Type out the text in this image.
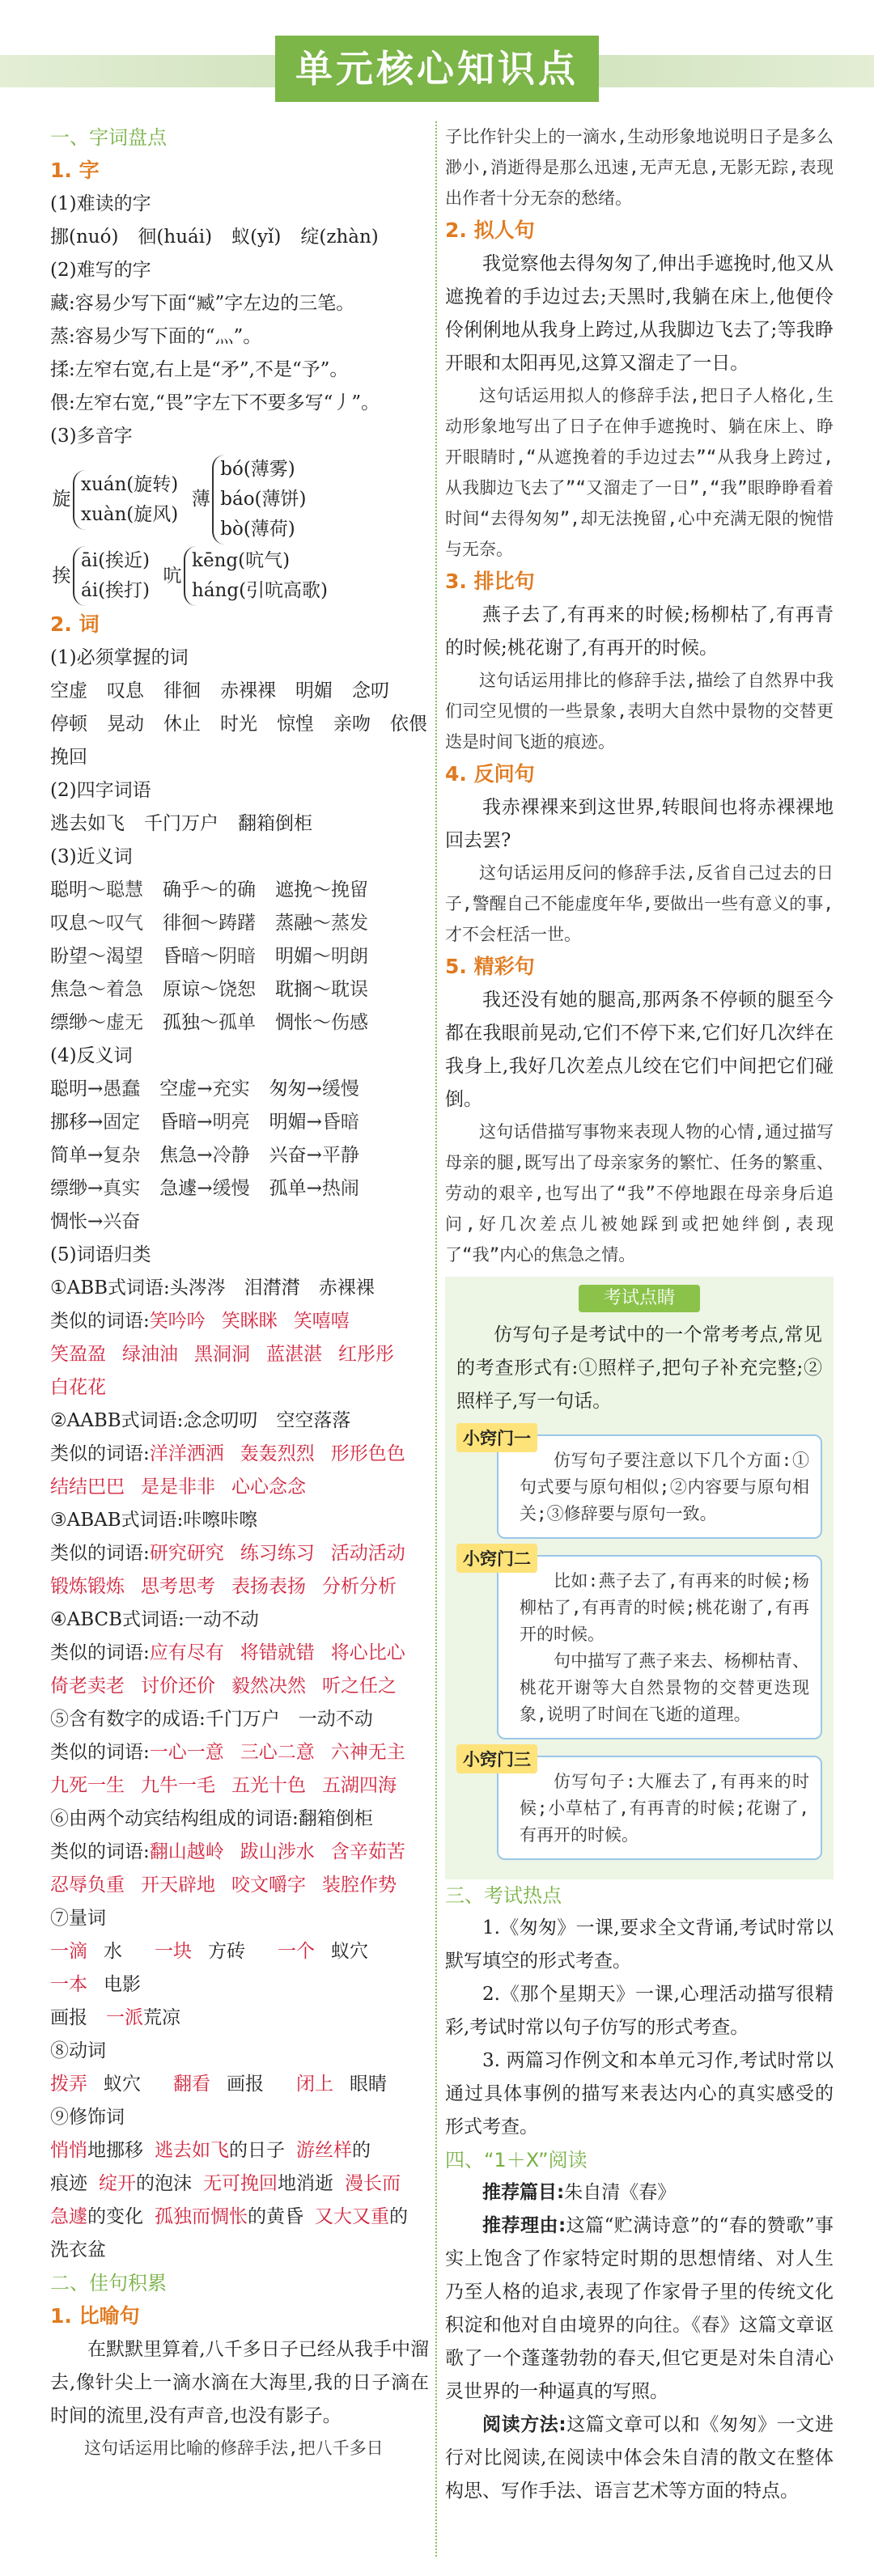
单元核心知识点
一、字词盘点
1. 字
(1)难读的字
挪(nuó) 徊(huái) 蚁(yǐ) 绽(zhàn)
(2)难写的字
藏:容易少写下面“臧”字左边的三笔。
蒸:容易少写下面的“灬”。
揉:左窄右宽,右上是“矛”,不是“予”。
偎:左窄右宽,“畏”字左下不要多写“丿”。
(3)多音字
旋
xuán(旋转)
xuàn(旋风)
薄
bó(薄雾)
báo(薄饼)
bò(薄荷)
挨
āi(挨近)
ái(挨打)
吭
kēng(吭气)
háng(引吭高歌)
2. 词
(1)必须掌握的词
空虚 叹息 徘徊 赤裸裸 明媚 念叨
停顿 晃动 休止 时光 惊惶 亲吻 依偎
挽回
(2)四字词语
逃去如飞 千门万户 翻箱倒柜
(3)近义词
聪明～聪慧 确乎～的确 遮挽～挽留
叹息～叹气 徘徊～踌躇 蒸融～蒸发
盼望～渴望 昏暗～阴暗 明媚～明朗
焦急～着急 原谅～饶恕 耽搁～耽误
缥缈～虚无 孤独～孤单 惆怅～伤感
(4)反义词
聪明→愚蠢 空虚→充实 匆匆→缓慢
挪移→固定 昏暗→明亮 明媚→昏暗
简单→复杂 焦急→冷静 兴奋→平静
缥缈→真实 急遽→缓慢 孤单→热闹
惆怅→兴奋
(5)词语归类
①ABB式词语:头涔涔　泪潸潸　赤裸裸
类似的词语:笑吟吟 笑眯眯 笑嘻嘻笑盈盈 绿油油 黑洞洞 蓝湛湛 红彤彤白花花
②AABB式词语:念念叨叨　空空落落
类似的词语:洋洋洒洒 轰轰烈烈 形形色色结结巴巴 是是非非 心心念念
③ABAB式词语:咔嚓咔嚓
类似的词语:研究研究 练习练习 活动活动锻炼锻炼 思考思考 表扬表扬 分析分析
④ABCB式词语:一动不动
类似的词语:应有尽有 将错就错 将心比心倚老卖老 讨价还价 毅然决然 听之任之
⑤含有数字的成语:千门万户　一动不动
类似的词语:一心一意 三心二意 六神无主九死一生 九牛一毛 五光十色 五湖四海
⑥由两个动宾结构组成的词语:翻箱倒柜
类似的词语:翻山越岭 跋山涉水 含辛茹苦忍辱负重 开天辟地 咬文嚼字 装腔作势
⑦量词
一滴 水 一块 方砖 一个 蚁穴一本 电影
画报　 一派荒凉
⑧动词
拨弄 蚁穴 翻看 画报 闭上 眼睛
⑨修饰词
悄悄地挪移 逃去如飞的日子 游丝样的痕迹 绽开的泡沫 无可挽回地消逝 漫长而急遽的变化 孤独而惆怅的黄昏 又大又重的洗衣盆
二、佳句积累
1. 比喻句
在默默里算着,八千多日子已经从我手中溜去,像针尖上一滴水滴在大海里,我的日子滴在时间的流里,没有声音,也没有影子。
这句话运用比喻的修辞手法,把八千多日
子比作针尖上的一滴水,生动形象地说明日子是多么渺小,消逝得是那么迅速,无声无息,无影无踪,表现出作者十分无奈的愁绪。
2. 拟人句
我觉察他去得匆匆了,伸出手遮挽时,他又从遮挽着的手边过去;天黑时,我躺在床上,他便伶伶俐俐地从我身上跨过,从我脚边飞去了;等我睁开眼和太阳再见,这算又溜走了一日。
这句话运用拟人的修辞手法,把日子人格化,生动形象地写出了日子在伸手遮挽时、躺在床上、睁开眼睛时,“从遮挽着的手边过去”“从我身上跨过,从我脚边飞去了”“又溜走了一日”,“我”眼睁睁看着时间“去得匆匆”,却无法挽留,心中充满无限的惋惜与无奈。
3. 排比句
燕子去了,有再来的时候;杨柳枯了,有再青的时候;桃花谢了,有再开的时候。
这句话运用排比的修辞手法,描绘了自然界中我们司空见惯的一些景象,表明大自然中景物的交替更迭是时间飞逝的痕迹。
4. 反问句
我赤裸裸来到这世界,转眼间也将赤裸裸地回去罢?
这句话运用反问的修辞手法,反省自己过去的日子,警醒自己不能虚度年华,要做出一些有意义的事,才不会枉活一世。
5. 精彩句
我还没有她的腿高,那两条不停顿的腿至今都在我眼前晃动,它们不停下来,它们好几次绊在我身上,我好几次差点儿绞在它们中间把它们碰倒。
这句话借描写事物来表现人物的心情,通过描写母亲的腿,既写出了母亲家务的繁忙、任务的繁重、劳动的艰辛,也写出了“我”不停地跟在母亲身后追问,好几次差点儿被她踩到或把她绊倒,表现了“我”内心的焦急之情。
考试点睛
仿写句子是考试中的一个常考考点,常见的考查形式有:①照样子,把句子补充完整;②照样子,写一句话。
小窍门一
仿写句子要注意以下几个方面:①句式要与原句相似;②内容要与原句相关;③修辞要与原句一致。
小窍门二
比如:燕子去了,有再来的时候;杨柳枯了,有再青的时候;桃花谢了,有再开的时候。
句中描写了燕子来去、杨柳枯青、桃花开谢等大自然景物的交替更迭现象,说明了时间在飞逝的道理。
小窍门三
仿写句子:大雁去了,有再来的时候;小草枯了,有再青的时候;花谢了,有再开的时候。
三、考试热点
1.《匆匆》一课,要求全文背诵,考试时常以默写填空的形式考查。
2.《那个星期天》一课,心理活动描写很精彩,考试时常以句子仿写的形式考查。
3. 两篇习作例文和本单元习作,考试时常以通过具体事例的描写来表达内心的真实感受的形式考查。
四、“1＋X”阅读
推荐篇目:朱自清《春》
推荐理由:这篇“贮满诗意”的“春的赞歌”事实上饱含了作家特定时期的思想情绪、对人生乃至人格的追求,表现了作家骨子里的传统文化积淀和他对自由境界的向往。《春》这篇文章讴歌了一个蓬蓬勃勃的春天,但它更是对朱自清心灵世界的一种逼真的写照。
阅读方法:这篇文章可以和《匆匆》一文进行对比阅读,在阅读中体会朱自清的散文在整体构思、写作手法、语言艺术等方面的特点。
